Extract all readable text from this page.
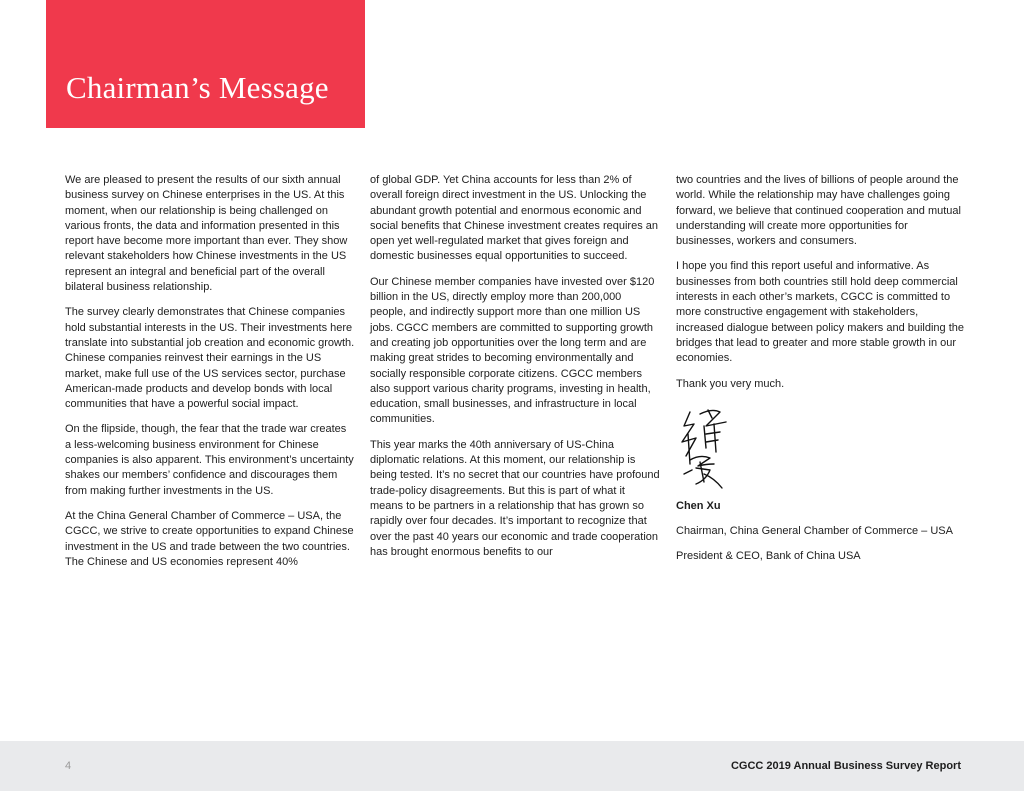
Chairman’s Message

We are pleased to present the results of our sixth annual business survey on Chinese enterprises in the US. At this moment, when our relationship is being challenged on various fronts, the data and information presented in this report have become more important than ever. They show relevant stakeholders how Chinese investments in the US represent an integral and beneficial part of the overall bilateral business relationship.

The survey clearly demonstrates that Chinese companies hold substantial interests in the US. Their investments here translate into substantial job creation and economic growth. Chinese companies reinvest their earnings in the US market, make full use of the US services sector, purchase American-made products and develop bonds with local communities that have a powerful social impact.

On the flipside, though, the fear that the trade war creates a less-welcoming business environment for Chinese companies is also apparent. This environment’s uncertainty shakes our members’ confidence and discourages them from making further investments in the US.

At the China General Chamber of Commerce – USA, the CGCC, we strive to create opportunities to expand Chinese investment in the US and trade between the two countries. The Chinese and US economies represent 40%

of global GDP. Yet China accounts for less than 2% of overall foreign direct investment in the US. Unlocking the abundant growth potential and enormous economic and social benefits that Chinese investment creates requires an open yet well-regulated market that gives foreign and domestic businesses equal opportunities to succeed.

Our Chinese member companies have invested over $120 billion in the US, directly employ more than 200,000 people, and indirectly support more than one million US jobs. CGCC members are committed to supporting growth and creating job opportunities over the long term and are making great strides to becoming environmentally and socially responsible corporate citizens. CGCC members also support various charity programs, investing in health, education, small businesses, and infrastructure in local communities.

This year marks the 40th anniversary of US-China diplomatic relations. At this moment, our relationship is being tested. It’s no secret that our countries have profound trade-policy disagreements. But this is part of what it means to be partners in a relationship that has grown so rapidly over four decades. It’s important to recognize that over the past 40 years our economic and trade cooperation has brought enormous benefits to our

two countries and the lives of billions of people around the world. While the relationship may have challenges going forward, we believe that continued cooperation and mutual understanding will create more opportunities for businesses, workers and consumers.

I hope you find this report useful and informative. As businesses from both countries still hold deep commercial interests in each other’s markets, CGCC is committed to more constructive engagement with stakeholders, increased dialogue between policy makers and building the bridges that lead to greater and more stable growth in our economies.

Thank you very much.

Chen Xu

Chairman, China General Chamber of Commerce – USA

President & CEO, Bank of China USA

4	CGCC 2019 Annual Business Survey Report
